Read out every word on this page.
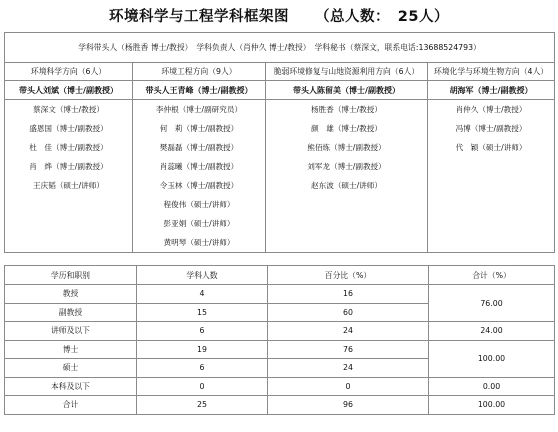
环境科学与工程学科框架图 （总人数：　25人）
学科带头人（杨胜香 博士/教授）　学科负责人（肖仲久 博士/教授）　学科秘书（蔡深文，联系电话:13688524793）			
环境科学方向（6人）	环境工程方向（9人）	脆弱环境修复与山地资源利用方向（6人）	环境化学与环境生物方向（4人）
带头人刘斌（博士/副教授）	带头人王青峰（博士/副教授）	带头人陈留美（博士/副教授）	胡海军（博士/副教授）
蔡深文（博士/教授）	李仲根（博士/副研究员）	杨胜香（博士/教授）	肖仲久（博士/教授）
盛恩国（博士/副教授）	何　莉（博士/副教授）	颜　雄（博士/教授）	冯博（博士/副教授）
杜　佳（博士/副教授）	樊磊磊（博士/副教授）	熊佰炼（博士/副教授）	代　颖（硕士/讲师）
肖　烨（博士/副教授）	肖蕊曦（博士/副教授）	刘军龙（博士/副教授）	
王庆韬（硕士/讲师）	令玉林（博士/副教授）	赵东波（硕士/讲师）	
	程俊伟（硕士/讲师）		
	彭亚娟（硕士/讲师）		
	黄明琴（硕士/讲师）		
学历和职别	学科人数	百分比（%）	合计（%）
教授	4	16	76.00
副教授	15	60	
讲师及以下	6	24	24.00
博士	19	76	100.00
硕士	6	24	
本科及以下	0	0	0.00
合计	25	96	100.00
